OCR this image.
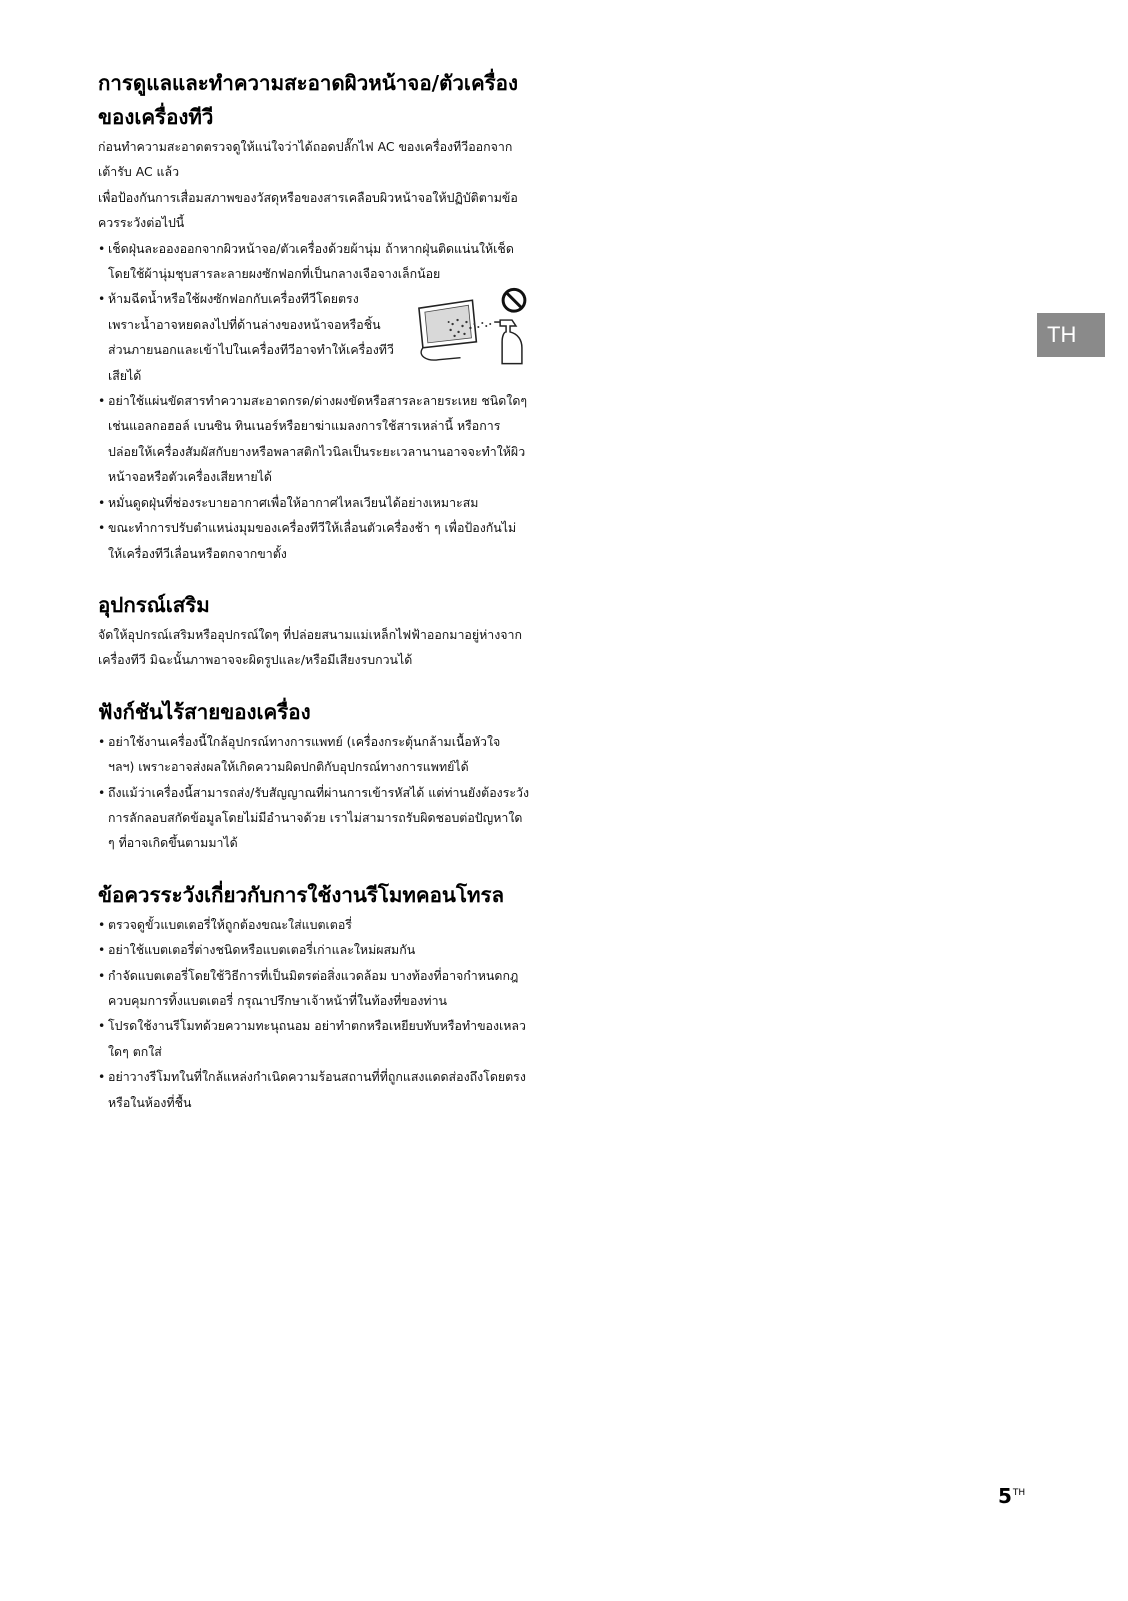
การดูแลและทำความสะอาดผิวหน้าจอ/ตัวเครื่องของเครื่องทีวี

ก่อนทำความสะอาดตรวจดูให้แน่ใจว่าได้ถอดปลั๊กไฟ AC ของเครื่องทีวีออกจากเต้ารับ AC แล้ว

เพื่อป้องกันการเสื่อมสภาพของวัสดุหรือของสารเคลือบผิวหน้าจอให้ปฏิบัติตามข้อควรระวังต่อไปนี้

• เช็ดฝุ่นละอองออกจากผิวหน้าจอ/ตัวเครื่องด้วยผ้านุ่ม ถ้าหากฝุ่นติดแน่นให้เช็ดโดยใช้ผ้านุ่มชุบสารละลายผงซักฟอกที่เป็นกลางเจือจางเล็กน้อย
• ห้ามฉีดน้ำหรือใช้ผงซักฟอกกับเครื่องทีวีโดยตรง เพราะน้ำอาจหยดลงไปที่ด้านล่างของหน้าจอหรือชิ้นส่วนภายนอกและเข้าไปในเครื่องทีวีอาจทำให้เครื่องทีวีเสียได้
• อย่าใช้แผ่นขัดสารทำความสะอาดกรด/ด่างผงขัดหรือสารละลายระเหย ชนิดใดๆ เช่นแอลกอฮอล์ เบนซิน ทินเนอร์หรือยาฆ่าแมลงการใช้สารเหล่านี้ หรือการปล่อยให้เครื่องสัมผัสกับยางหรือพลาสติกไวนิลเป็นระยะเวลานานอาจจะทำให้ผิวหน้าจอหรือตัวเครื่องเสียหายได้
• หมั่นดูดฝุ่นที่ช่องระบายอากาศเพื่อให้อากาศไหลเวียนได้อย่างเหมาะสม
• ขณะทำการปรับตำแหน่งมุมของเครื่องทีวีให้เลื่อนตัวเครื่องช้า ๆ เพื่อป้องกันไม่ให้เครื่องทีวีเลื่อนหรือตกจากขาตั้ง
อุปกรณ์เสริม

จัดให้อุปกรณ์เสริมหรืออุปกรณ์ใดๆ ที่ปล่อยสนามแม่เหล็กไฟฟ้าออกมาอยู่ห่างจากเครื่องทีวี มิฉะนั้นภาพอาจจะผิดรูปและ/หรือมีเสียงรบกวนได้

ฟังก์ชันไร้สายของเครื่อง
• อย่าใช้งานเครื่องนี้ใกล้อุปกรณ์ทางการแพทย์ (เครื่องกระตุ้นกล้ามเนื้อหัวใจ ฯลฯ) เพราะอาจส่งผลให้เกิดความผิดปกติกับอุปกรณ์ทางการแพทย์ได้
• ถึงแม้ว่าเครื่องนี้สามารถส่ง/รับสัญญาณที่ผ่านการเข้ารหัสได้ แต่ท่านยังต้องระวังการลักลอบสกัดข้อมูลโดยไม่มีอำนาจด้วย เราไม่สามารถรับผิดชอบต่อปัญหาใด ๆ ที่อาจเกิดขึ้นตามมาได้
ข้อควรระวังเกี่ยวกับการใช้งานรีโมทคอนโทรล
• ตรวจดูขั้วแบตเตอรี่ให้ถูกต้องขณะใส่แบตเตอรี่
• อย่าใช้แบตเตอรี่ต่างชนิดหรือแบตเตอรี่เก่าและใหม่ผสมกัน
• กำจัดแบตเตอรี่โดยใช้วิธีการที่เป็นมิตรต่อสิ่งแวดล้อม บางท้องที่อาจกำหนดกฎควบคุมการทิ้งแบตเตอรี่ กรุณาปรึกษาเจ้าหน้าที่ในท้องที่ของท่าน
• โปรดใช้งานรีโมทด้วยความทะนุถนอม อย่าทำตกหรือเหยียบทับหรือทำของเหลวใดๆ ตกใส่
• อย่าวางรีโมทในที่ใกล้แหล่งกำเนิดความร้อนสถานที่ที่ถูกแสงแดดส่องถึงโดยตรงหรือในห้องที่ชื้น
TH
5TH
